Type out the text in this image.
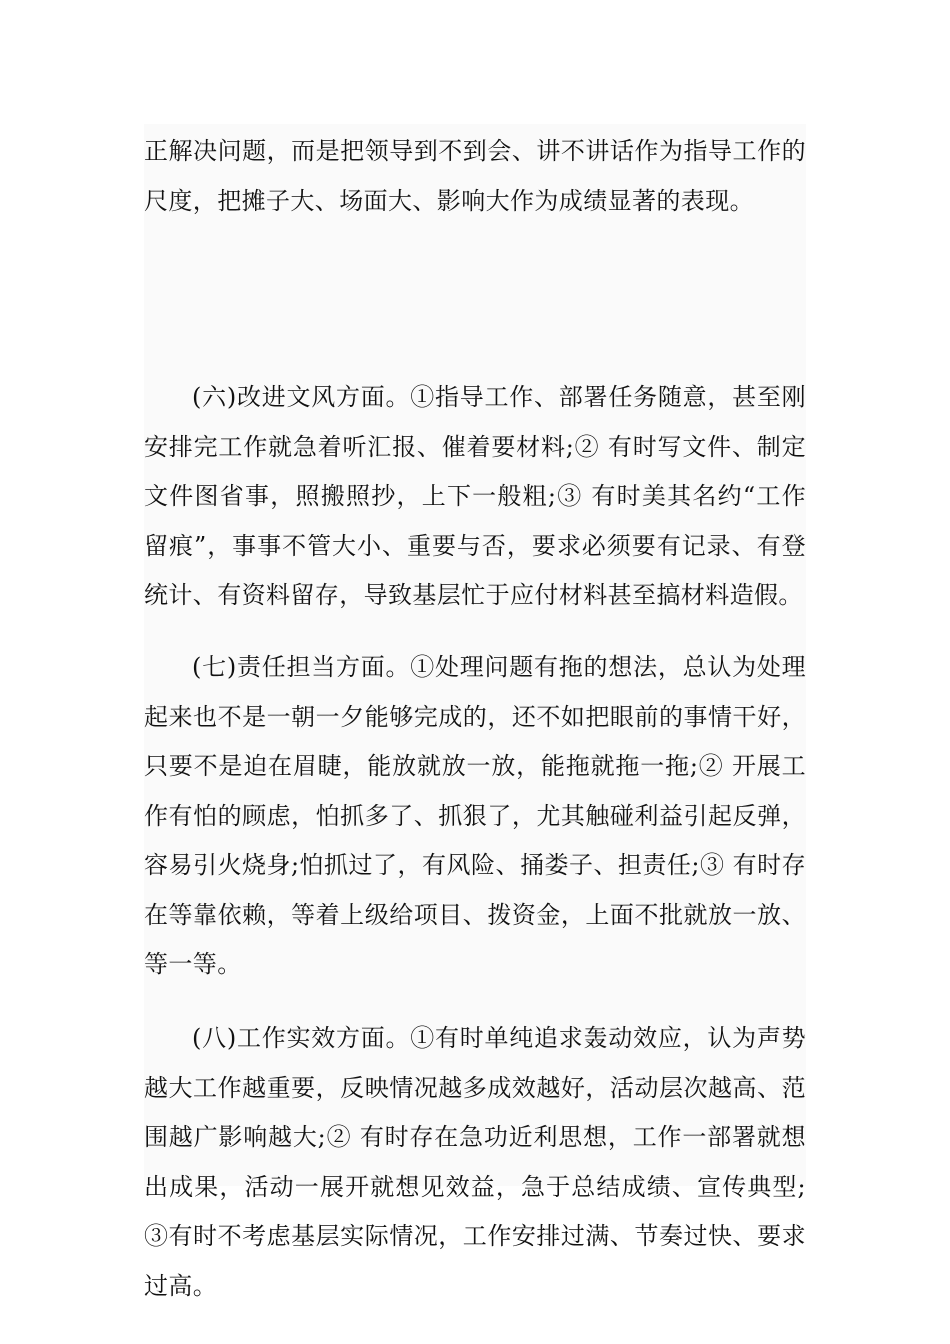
正解决问题，而是把领导到不到会、讲不讲话作为指导工作的尺度，把摊子大、场面大、影响大作为成绩显著的表现。

(六)改进文风方面。①指导工作、部署任务随意，甚至刚安排完工作就急着听汇报、催着要材料;② 有时写文件、制定文件图省事，照搬照抄，上下一般粗;③ 有时美其名约“工作留痕”，事事不管大小、重要与否，要求必须要有记录、有登统计、有资料留存，导致基层忙于应付材料甚至搞材料造假。

(七)责任担当方面。①处理问题有拖的想法，总认为处理起来也不是一朝一夕能够完成的，还不如把眼前的事情干好，只要不是迫在眉睫，能放就放一放，能拖就拖一拖;② 开展工作有怕的顾虑，怕抓多了、抓狠了，尤其触碰利益引起反弹，容易引火烧身;怕抓过了，有风险、捅娄子、担责任;③ 有时存在等靠依赖，等着上级给项目、拨资金，上面不批就放一放、等一等。

(八)工作实效方面。①有时单纯追求轰动效应，认为声势越大工作越重要，反映情况越多成效越好，活动层次越高、范围越广影响越大;② 有时存在急功近利思想，工作一部署就想出成果，活动一展开就想见效益，急于总结成绩、宣传典型;③有时不考虑基层实际情况，工作安排过满、节奏过快、要求过高。
